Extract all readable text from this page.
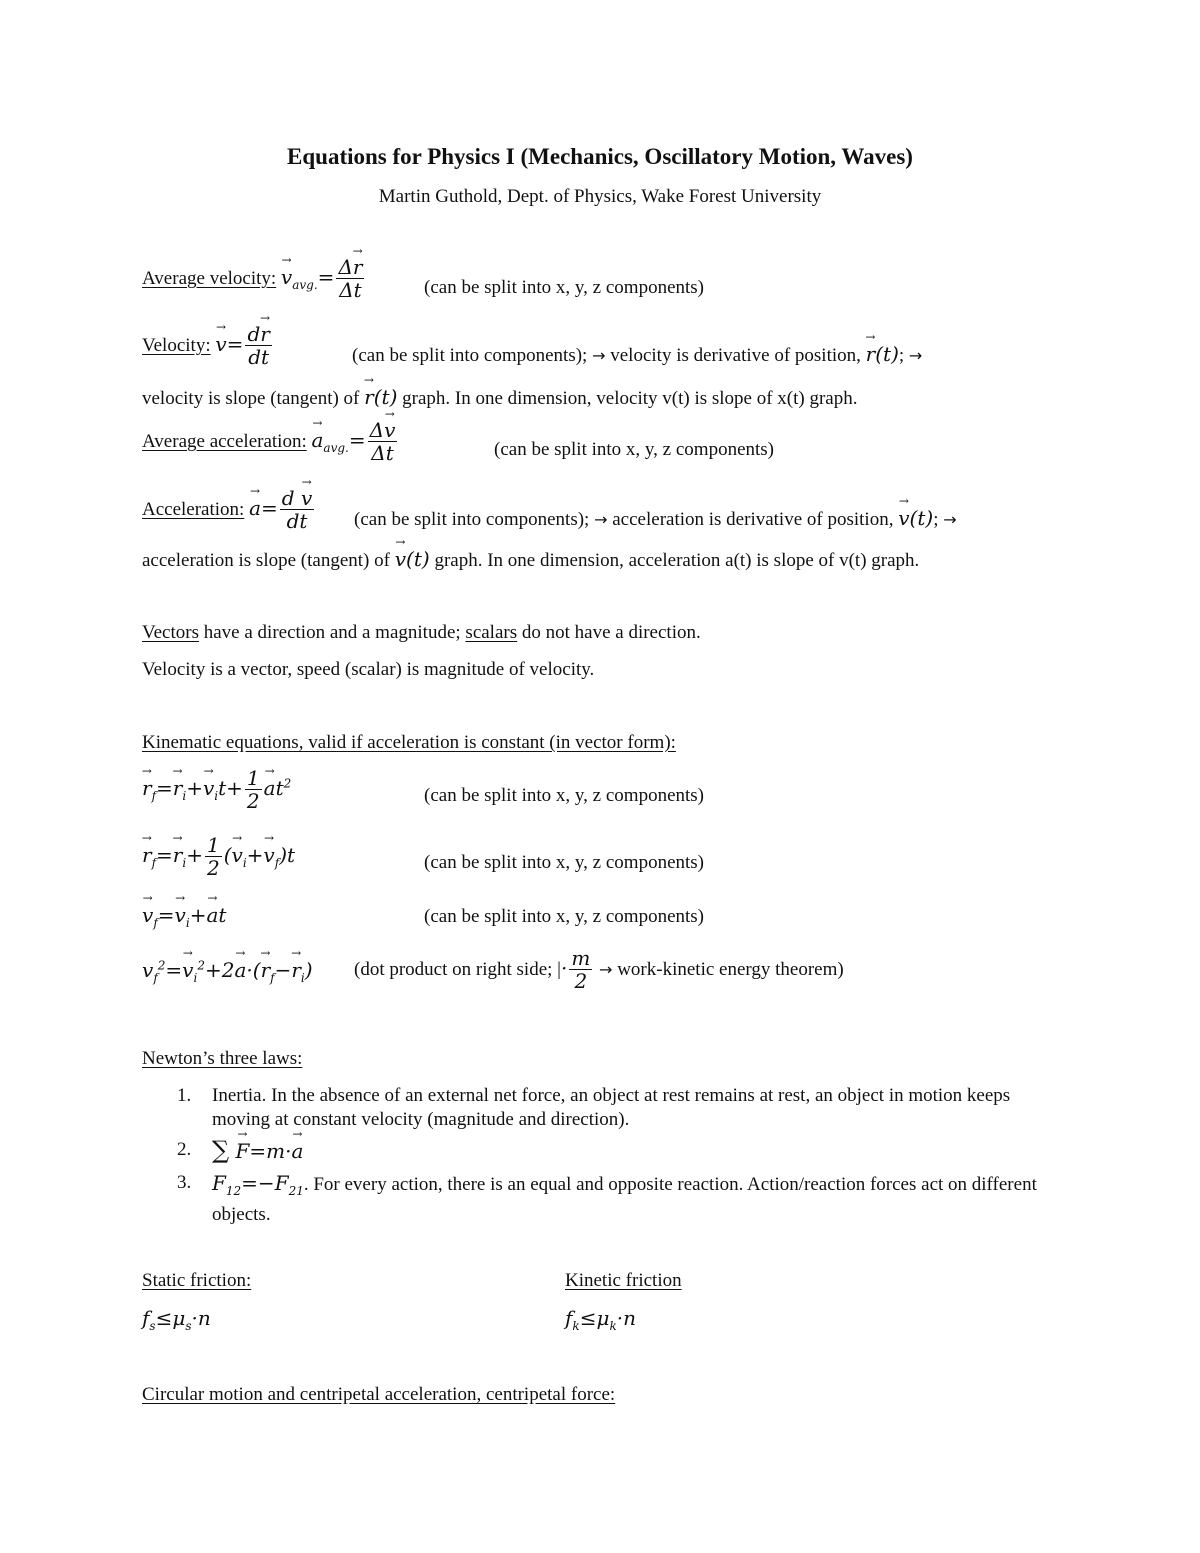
Equations for Physics I (Mechanics, Oscillatory Motion, Waves)
Martin Guthold, Dept. of Physics, Wake Forest University
Average velocity: → $v_{avg.}= \frac{\Delta\to r}{\Delta t}$	(can be split into x, y, z components)
Velocity: → $v= \frac{d\to r}{dt}$	(can be split into components); → velocity is derivative of position, → r(t); →
velocity is slope (tangent) of → r(t) graph. In one dimension, velocity v(t) is slope of x(t) graph.
Average acceleration: → $a_{avg.}= \frac{\Delta\to v}{\Delta t}$	(can be split into x, y, z components)
Acceleration: → $a= \frac{d \to v}{dt} (can$ be split into components); → acceleration is derivative of position, → v(t); →
acceleration is slope (tangent) of → v(t) graph. In one dimension, acceleration a(t) is slope of v(t) graph.
Vectors have a direction and a magnitude; scalars do not have a direction.
Velocity is a vector, speed (scalar) is magnitude of velocity.
Kinematic equations, valid if acceleration is constant (in vector form):
→ $r_f=\to r_i+\to v_it+ \frac{1}{2}$
→ $at^2$
(can be split into x, y, z components)
→ $r_f=\to r_i+ \frac{1}{2}$ (→ $v_i+\to v_f)t$	(can be split into x, y, z components)
→ $v_f=\to v_i+\to$ at	(can be split into x, y, z components)
$v_f^2=\to v_i^2+2\to a\cdot(\to r_f-\to r_i)$ (dot product on right side; |· $\frac{m}{2}$ → work-kinetic energy theorem)
Newton’s three laws:
1. Inertia. In the absence of an external net force, an object at rest remains at rest, an object in motion keeps moving at constant velocity (magnitude and direction).
2. ∑ → F=m·→ a
3. $F_{12}=-F_{21}$. For every action, there is an equal and opposite reaction. Action/reaction forces act on different objects.
Static friction:
$f_s\le\mu_s\cdot n$
Kinetic friction
$f_k\le\mu_k\cdot n$
Circular motion and centripetal acceleration, centripetal force:
